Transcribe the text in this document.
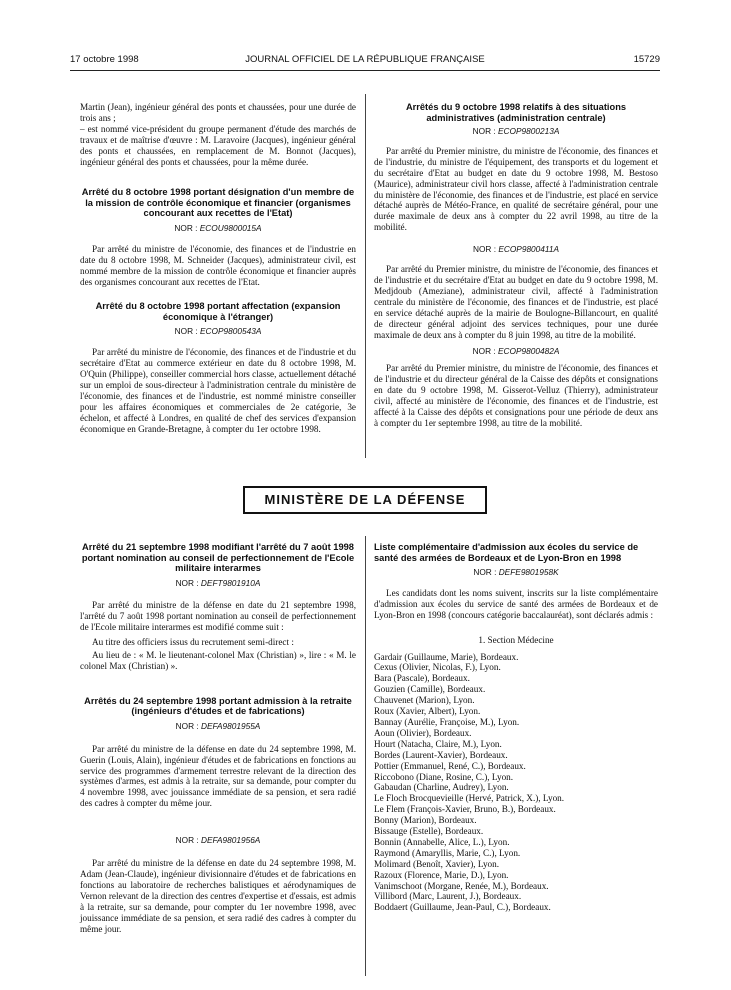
17 octobre 1998	JOURNAL OFFICIEL DE LA RÉPUBLIQUE FRANÇAISE	15729

Martin (Jean), ingénieur général des ponts et chaussées, pour une durée de trois ans ;

– est nommé vice-président du groupe permanent d'étude des marchés de travaux et de maîtrise d'œuvre : M. Laravoire (Jacques), ingénieur général des ponts et chaussées, en remplacement de M. Bonnot (Jacques), ingénieur général des ponts et chaussées, pour la même durée.

Arrêté du 8 octobre 1998 portant désignation d'un membre de la mission de contrôle économique et financier (organismes concourant aux recettes de l'Etat)

NOR : ECOU9800015A

Par arrêté du ministre de l'économie, des finances et de l'industrie en date du 8 octobre 1998, M. Schneider (Jacques), administrateur civil, est nommé membre de la mission de contrôle économique et financier auprès des organismes concourant aux recettes de l'Etat.

Arrêté du 8 octobre 1998 portant affectation (expansion économique à l'étranger)

NOR : ECOP9800543A

Par arrêté du ministre de l'économie, des finances et de l'industrie et du secrétaire d'Etat au commerce extérieur en date du 8 octobre 1998, M. O'Quin (Philippe), conseiller commercial hors classe, actuellement détaché sur un emploi de sous-directeur à l'administration centrale du ministère de l'économie, des finances et de l'industrie, est nommé ministre conseiller pour les affaires économiques et commerciales de 2e catégorie, 3e échelon, et affecté à Londres, en qualité de chef des services d'expansion économique en Grande-Bretagne, à compter du 1er octobre 1998.

Arrêtés du 9 octobre 1998 relatifs à des situations administratives (administration centrale)

NOR : ECOP9800213A

Par arrêté du Premier ministre, du ministre de l'économie, des finances et de l'industrie, du ministre de l'équipement, des transports et du logement et du secrétaire d'Etat au budget en date du 9 octobre 1998, M. Bestoso (Maurice), administrateur civil hors classe, affecté à l'administration centrale du ministère de l'économie, des finances et de l'industrie, est placé en service détaché auprès de Météo-France, en qualité de secrétaire général, pour une durée maximale de deux ans à compter du 22 avril 1998, au titre de la mobilité.

NOR : ECOP9800411A

Par arrêté du Premier ministre, du ministre de l'économie, des finances et de l'industrie et du secrétaire d'Etat au budget en date du 9 octobre 1998, M. Medjdoub (Ameziane), administrateur civil, affecté à l'administration centrale du ministère de l'économie, des finances et de l'industrie, est placé en service détaché auprès de la mairie de Boulogne-Billancourt, en qualité de directeur général adjoint des services techniques, pour une durée maximale de deux ans à compter du 8 juin 1998, au titre de la mobilité.

NOR : ECOP9800482A

Par arrêté du Premier ministre, du ministre de l'économie, des finances et de l'industrie et du directeur général de la Caisse des dépôts et consignations en date du 9 octobre 1998, M. Gisserot-Velluz (Thierry), administrateur civil, affecté au ministère de l'économie, des finances et de l'industrie, est affecté à la Caisse des dépôts et consignations pour une période de deux ans à compter du 1er septembre 1998, au titre de la mobilité.

MINISTÈRE DE LA DÉFENSE

Arrêté du 21 septembre 1998 modifiant l'arrêté du 7 août 1998 portant nomination au conseil de perfectionnement de l'Ecole militaire interarmes

NOR : DEFT9801910A

Par arrêté du ministre de la défense en date du 21 septembre 1998, l'arrêté du 7 août 1998 portant nomination au conseil de perfectionnement de l'Ecole militaire interarmes est modifié comme suit :

Au titre des officiers issus du recrutement semi-direct :

Au lieu de : « M. le lieutenant-colonel Max (Christian) », lire : « M. le colonel Max (Christian) ».

Arrêtés du 24 septembre 1998 portant admission à la retraite (ingénieurs d'études et de fabrications)

NOR : DEFA9801955A

Par arrêté du ministre de la défense en date du 24 septembre 1998, M. Guerin (Louis, Alain), ingénieur d'études et de fabrications en fonctions au service des programmes d'armement terrestre relevant de la direction des systèmes d'armes, est admis à la retraite, sur sa demande, pour compter du 4 novembre 1998, avec jouissance immédiate de sa pension, et sera radié des cadres à compter du même jour.

NOR : DEFA9801956A

Par arrêté du ministre de la défense en date du 24 septembre 1998, M. Adam (Jean-Claude), ingénieur divisionnaire d'études et de fabrications en fonctions au laboratoire de recherches balistiques et aérodynamiques de Vernon relevant de la direction des centres d'expertise et d'essais, est admis à la retraite, sur sa demande, pour compter du 1er novembre 1998, avec jouissance immédiate de sa pension, et sera radié des cadres à compter du même jour.

Liste complémentaire d'admission aux écoles du service de santé des armées de Bordeaux et de Lyon-Bron en 1998

NOR : DEFE9801958K

Les candidats dont les noms suivent, inscrits sur la liste complémentaire d'admission aux écoles du service de santé des armées de Bordeaux et de Lyon-Bron en 1998 (concours catégorie baccalauréat), sont déclarés admis :

1. Section Médecine

Gardair (Guillaume, Marie), Bordeaux.
Cexus (Olivier, Nicolas, F.), Lyon.
Bara (Pascale), Bordeaux.
Gouzien (Camille), Bordeaux.
Chauvenet (Marion), Lyon.
Roux (Xavier, Albert), Lyon.
Bannay (Aurélie, Françoise, M.), Lyon.
Aoun (Olivier), Bordeaux.
Hourt (Natacha, Claire, M.), Lyon.
Bordes (Laurent-Xavier), Bordeaux.
Pottier (Emmanuel, René, C.), Bordeaux.
Riccobono (Diane, Rosine, C.), Lyon.
Gabaudan (Charline, Audrey), Lyon.
Le Floch Brocquevieille (Hervé, Patrick, X.), Lyon.
Le Flem (François-Xavier, Bruno, B.), Bordeaux.
Bonny (Marion), Bordeaux.
Bissauge (Estelle), Bordeaux.
Bonnin (Annabelle, Alice, L.), Lyon.
Raymond (Amaryllis, Marie, C.), Lyon.
Molimard (Benoît, Xavier), Lyon.
Razoux (Florence, Marie, D.), Lyon.
Vanimschoot (Morgane, Renée, M.), Bordeaux.
Villibord (Marc, Laurent, J.), Bordeaux.
Boddaert (Guillaume, Jean-Paul, C.), Bordeaux.
